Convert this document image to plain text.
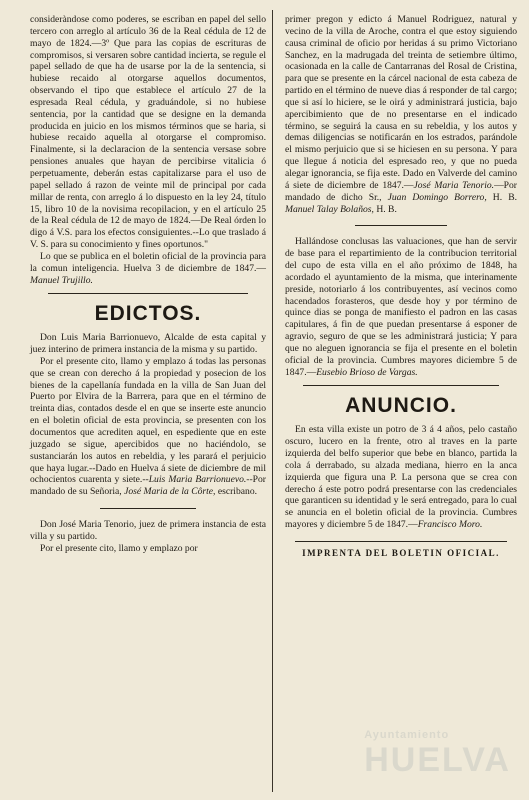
consideràndose como poderes, se escriban en papel del sello tercero con arreglo al artículo 36 de la Real cédula de 12 de mayo de 1824.—3º Que para las copias de escrituras de compromisos, si versaren sobre cantidad incierta, se regule el papel sellado de que ha de usarse por la de la sentencia, si hubiese recaido al otorgarse aquellos documentos, observando el tipo que establece el artículo 27 de la espresada Real cédula, y graduándole, si no hubiese sentencia, por la cantidad que se designe en la demanda producida en juicio en los mismos términos que se haria, si hubiese recaido aquella al otorgarse el compromiso. Finalmente, si la declaracion de la sentencia versase sobre pensiones anuales que hayan de percibirse vitalicia ó perpetuamente, deberán estas capitalizarse para el uso de papel sellado á razon de veinte mil de principal por cada millar de renta, con arreglo á lo dispuesto en la ley 24, título 15, libro 10 de la novisima recopilacion, y en el artículo 25 de la Real cédula de 12 de mayo de 1824.—De Real órden lo digo á V.S. para los efectos consiguientes.--Lo que traslado á V. S. para su conocimiento y fines oportunos."

Lo que se publica en el boletin oficial de la provincia para la comun inteligencia. Huelva 3 de diciembre de 1847.—Manuel Trujillo.

EDICTOS.

Don Luis Maria Barrionuevo, Alcalde de esta capital y juez interino de primera instancia de la misma y su partido.

Por el presente cito, llamo y emplazo á todas las personas que se crean con derecho á la propiedad y posecion de los bienes de la capellanía fundada en la villa de San Juan del Puerto por Elvira de la Barrera, para que en el término de treinta dias, contados desde el en que se inserte este anuncio en el boletin oficial de esta provincia, se presenten con los documentos que acrediten aquel, en espediente que en este juzgado se sigue, apercibidos que no haciéndolo, se sustanciarán los autos en rebeldia, y les parará el perjuicio que haya lugar.--Dado en Huelva á siete de diciembre de mil ochocientos cuarenta y siete.--Luis Maria Barrionuevo.--Por mandado de su Señoria, José Maria de la Côrte, escribano.

Don José Maria Tenorio, juez de primera instancia de esta villa y su partido.

Por el presente cito, llamo y emplazo por

primer pregon y edicto á Manuel Rodriguez, natural y vecino de la villa de Aroche, contra el que estoy siguiendo causa criminal de oficio por heridas á su primo Victoriano Sanchez, en la madrugada del treinta de setiembre último, ocasionada en la calle de Cantarranas del Rosal de Cristina, para que se presente en la cárcel nacional de esta cabeza de partido en el término de nueve dias á responder de tal cargo; que si así lo hiciere, se le oirá y administrará justicia, bajo apercibimiento que de no presentarse en el indicado término, se seguirá la causa en su rebeldia, y los autos y demas diligencias se notificarán en los estrados, parándole el mismo perjuicio que si se hiciesen en su persona. Y para que llegue á noticia del espresado reo, y que no pueda alegar ignorancia, se fija este. Dado en Valverde del camino á siete de diciembre de 1847.—José Maria Tenorio.—Por mandado de dicho Sr., Juan Domingo Borrero, H. B. Manuel Talay Bolaños, H. B.

Hallándose conclusas las valuaciones, que han de servir de base para el repartimiento de la contribucion territorial del cupo de esta villa en el año próximo de 1848, ha acordado el ayuntamiento de la misma, que interinamente preside, notoriarlo á los contribuyentes, así vecinos como hacendados forasteros, que desde hoy y por término de quince dias se ponga de manifiesto el padron en las casas capitulares, á fin de que puedan presentarse á esponer de agravio, seguro de que se les administrará justicia; Y para que no aleguen ignorancia se fija el presente en el boletin oficial de la provincia. Cumbres mayores diciembre 5 de 1847.—Eusebio Brioso de Vargas.

ANUNCIO.

En esta villa existe un potro de 3 á 4 años, pelo castaño oscuro, lucero en la frente, otro al traves en la parte izquierda del belfo superior que bebe en blanco, partida la cola á derrabado, su alzada mediana, hierro en la anca izquierda que figura una P. La persona que se crea con derecho á este potro podrá presentarse con las credenciales que garanticen su identidad y le será entregado, para lo cual se anuncia en el boletin oficial de la provincia. Cumbres mayores y diciembre 5 de 1847.—Francisco Moro.

IMPRENTA DEL BOLETIN OFICIAL.
Ayuntamiento
HUELVA
